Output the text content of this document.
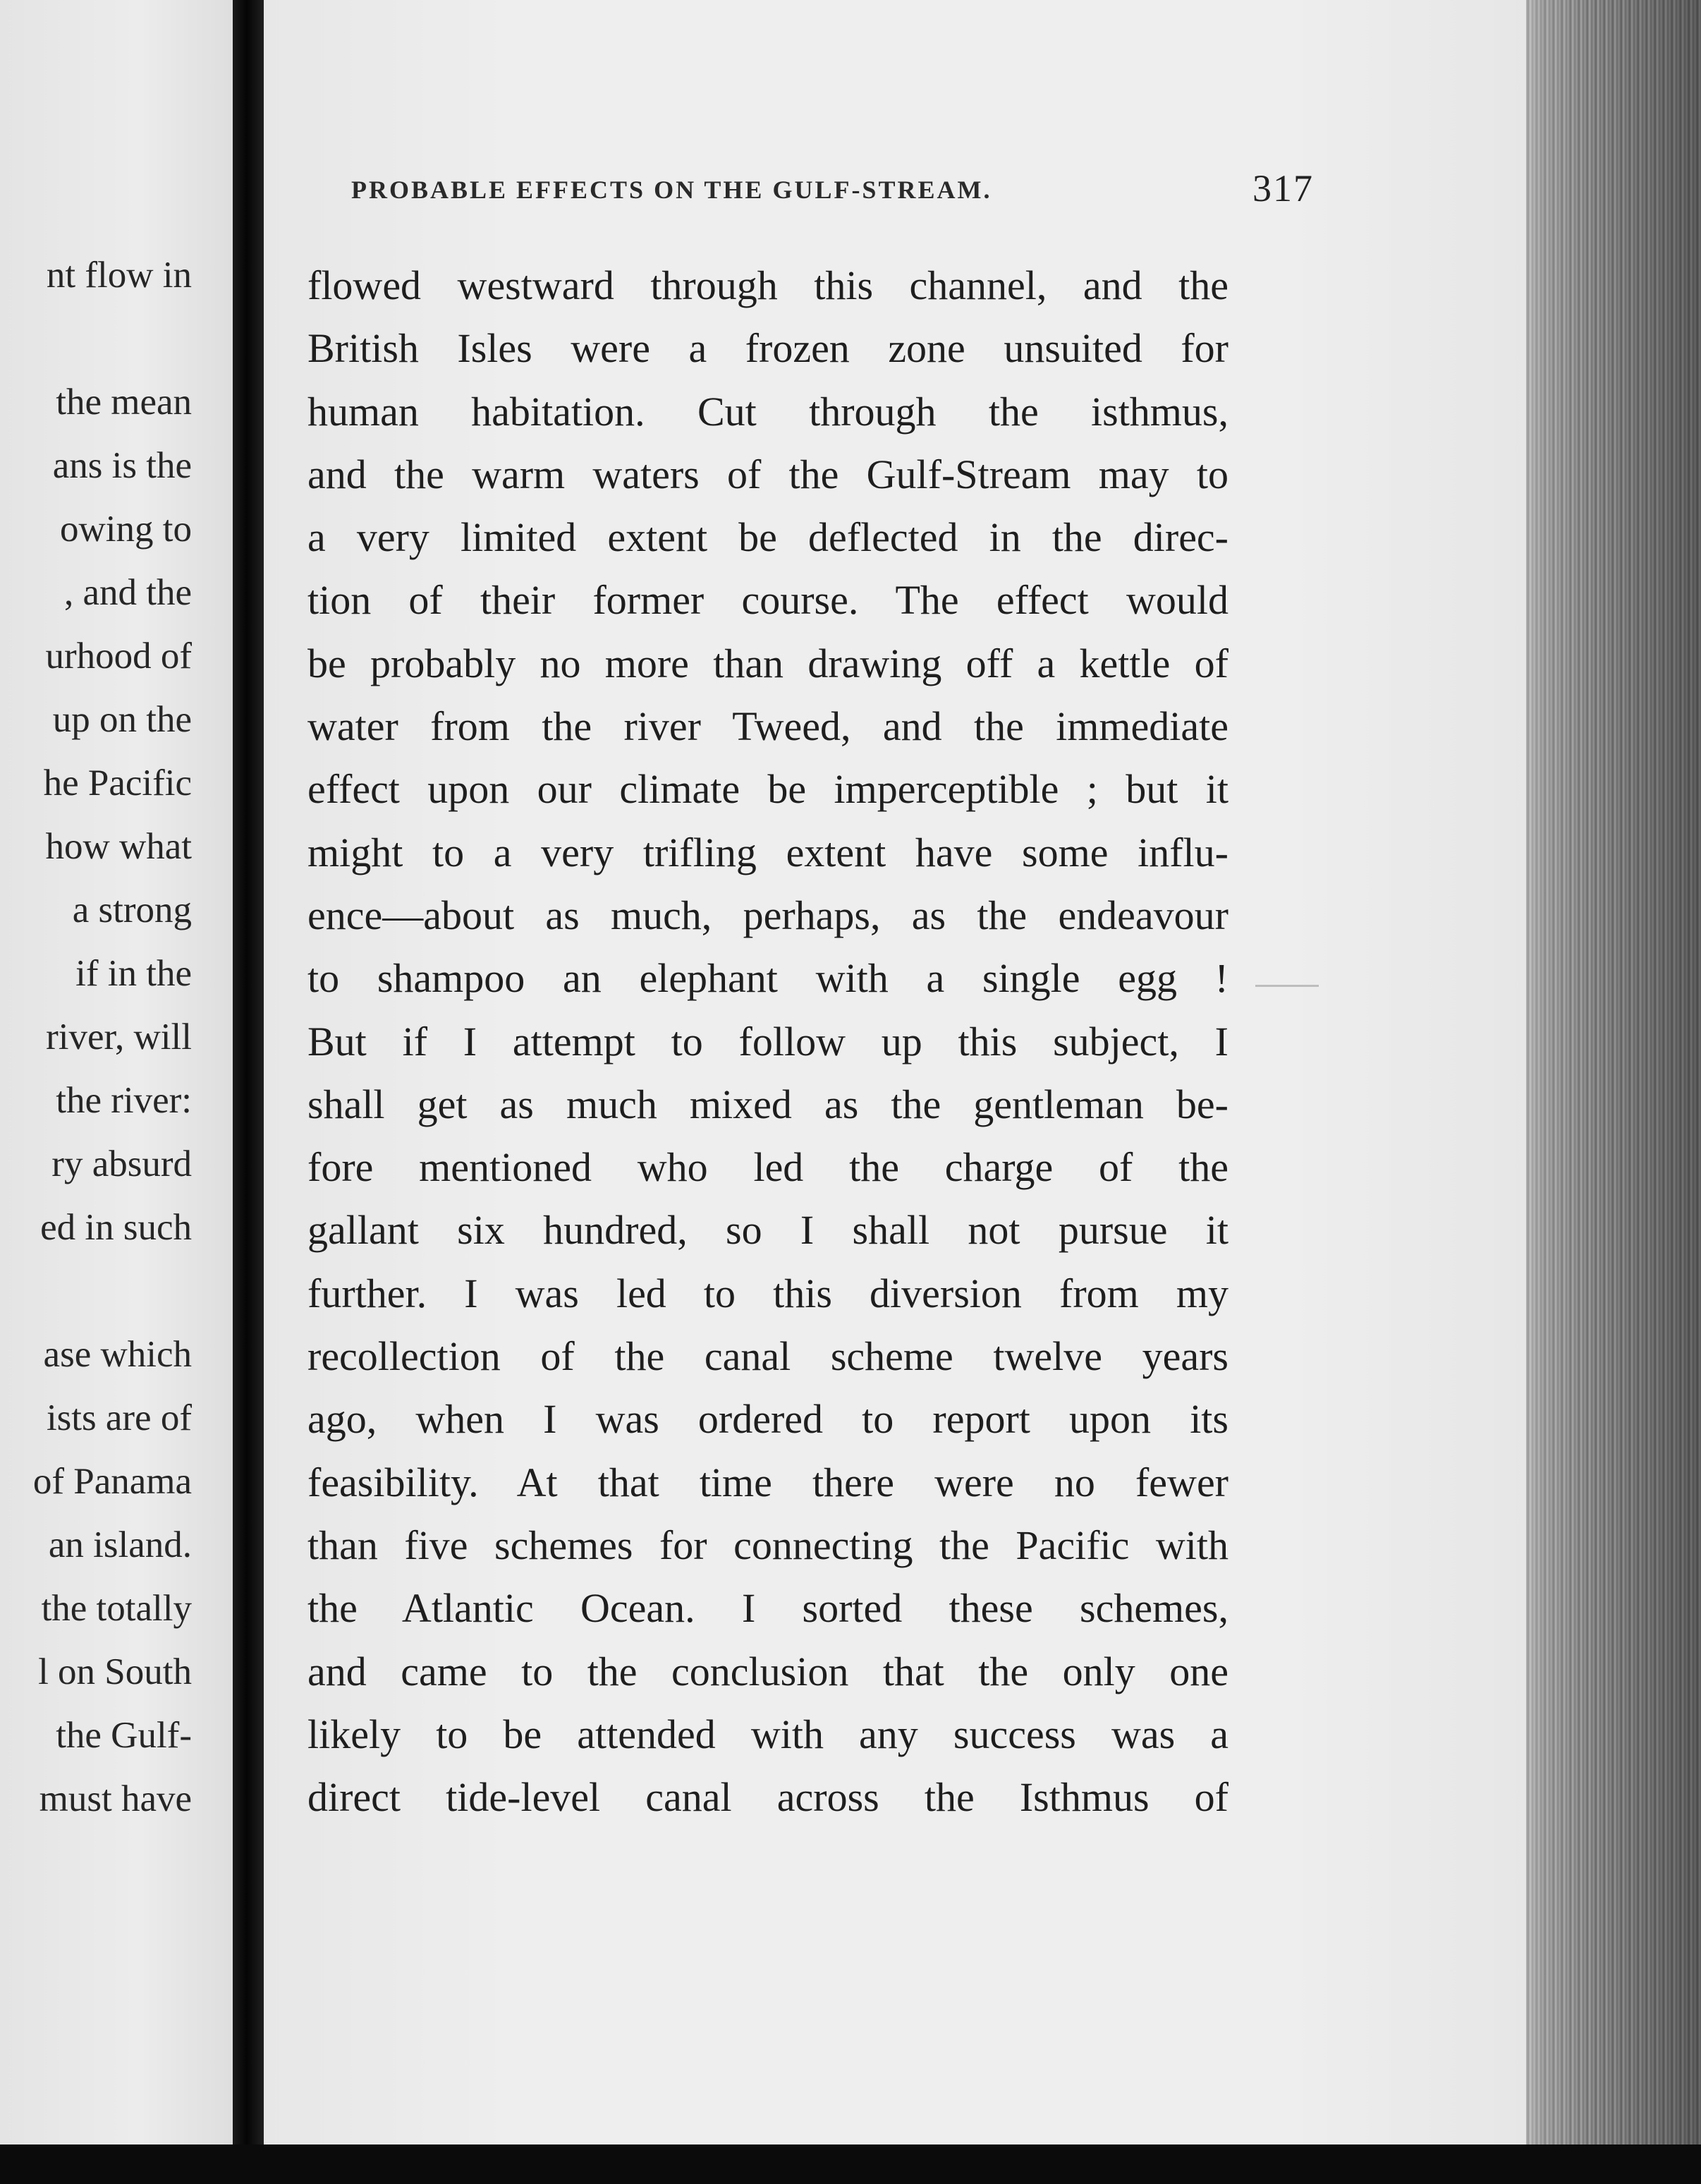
nt flow in
the mean
ans is the
owing to
, and the
urhood of
up on the
he Pacific
how what
a strong
if in the
river, will
the river:
ry absurd
ed in such
ase which
ists are of
of Panama
an island.
the totally
l on South
the Gulf-
must have
PROBABLE EFFECTS ON THE GULF-STREAM.	317
flowed westward through this channel, and the
British Isles were a frozen zone unsuited for
human habitation. Cut through the isthmus,
and the warm waters of the Gulf-Stream may to
a very limited extent be deflected in the direc-
tion of their former course. The effect would
be probably no more than drawing off a kettle of
water from the river Tweed, and the immediate
effect upon our climate be imperceptible ; but it
might to a very trifling extent have some influ-
ence—about as much, perhaps, as the endeavour
to shampoo an elephant with a single egg !
But if I attempt to follow up this subject, I
shall get as much mixed as the gentleman be-
fore mentioned who led the charge of the
gallant six hundred, so I shall not pursue it
further. I was led to this diversion from my
recollection of the canal scheme twelve years
ago, when I was ordered to report upon its
feasibility. At that time there were no fewer
than five schemes for connecting the Pacific with
the Atlantic Ocean. I sorted these schemes,
and came to the conclusion that the only one
likely to be attended with any success was a
direct tide-level canal across the Isthmus of
